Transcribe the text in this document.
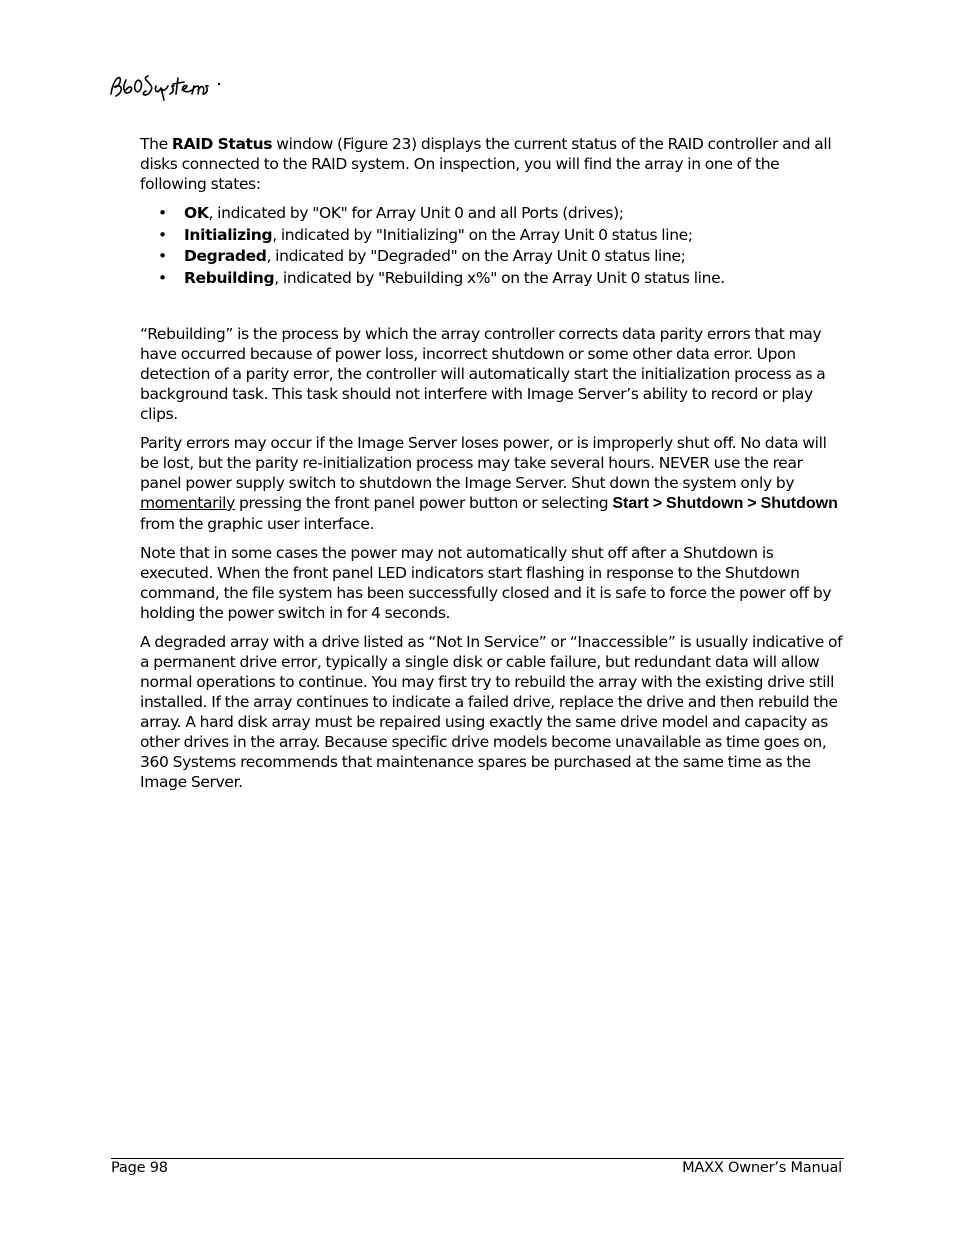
The RAID Status window (Figure 23) displays the current status of the RAID controller and all disks connected to the RAID system. On inspection, you will find the array in one of the following states:

• OK, indicated by "OK" for Array Unit 0 and all Ports (drives);
• Initializing, indicated by "Initializing" on the Array Unit 0 status line;
• Degraded, indicated by "Degraded" on the Array Unit 0 status line;
• Rebuilding, indicated by "Rebuilding x%" on the Array Unit 0 status line.

“Rebuilding” is the process by which the array controller corrects data parity errors that may have occurred because of power loss, incorrect shutdown or some other data error. Upon detection of a parity error, the controller will automatically start the initialization process as a background task. This task should not interfere with Image Server’s ability to record or play clips.

Parity errors may occur if the Image Server loses power, or is improperly shut off. No data will be lost, but the parity re-initialization process may take several hours. NEVER use the rear panel power supply switch to shutdown the Image Server. Shut down the system only by momentarily pressing the front panel power button or selecting Start > Shutdown > Shutdown from the graphic user interface.

Note that in some cases the power may not automatically shut off after a Shutdown is executed. When the front panel LED indicators start flashing in response to the Shutdown command, the file system has been successfully closed and it is safe to force the power off by holding the power switch in for 4 seconds.

A degraded array with a drive listed as “Not In Service” or “Inaccessible” is usually indicative of a permanent drive error, typically a single disk or cable failure, but redundant data will allow normal operations to continue. You may first try to rebuild the array with the existing drive still installed. If the array continues to indicate a failed drive, replace the drive and then rebuild the array. A hard disk array must be repaired using exactly the same drive model and capacity as other drives in the array. Because specific drive models become unavailable as time goes on, 360 Systems recommends that maintenance spares be purchased at the same time as the Image Server.

Page 98	MAXX Owner’s Manual
